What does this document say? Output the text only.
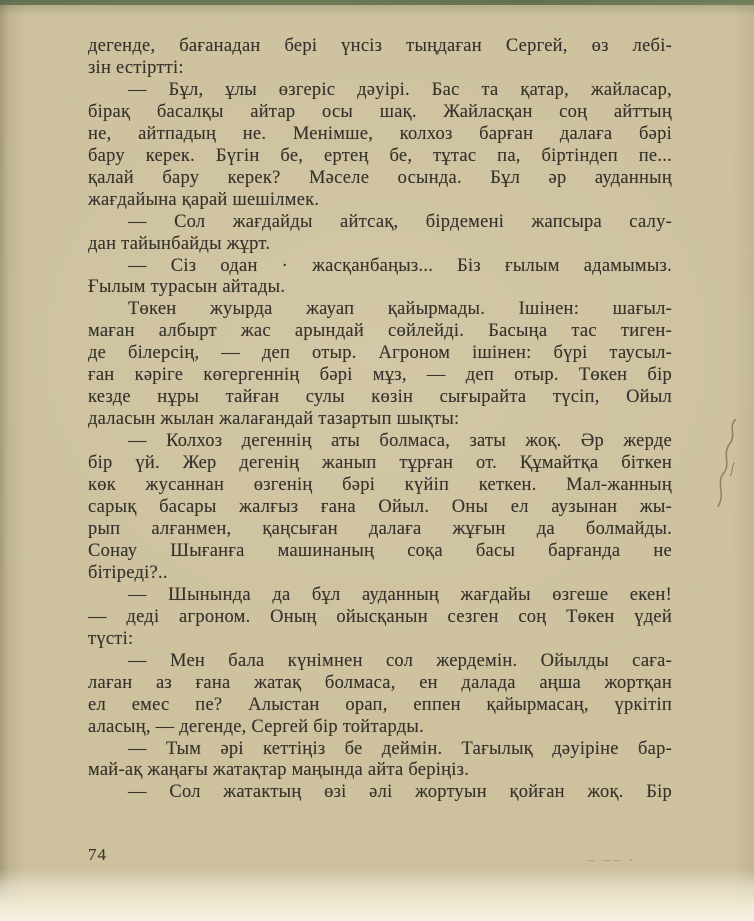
дегенде, бағанадан бері үнсіз тыңдаған Сергей, өз лебі-
зін естіртті:
— Бұл, ұлы өзгеріс дәуірі. Бас та қатар, жайласар,
бірақ басалқы айтар осы шақ. Жайласқан соң айттың
не, айтпадың не. Менімше, колхоз барған далаға бәрі
бару керек. Бүгін бе, ертең бе, тұтас па, біртіндеп пе...
қалай бару керек? Мәселе осында. Бұл әр ауданның
жағдайына қарай шешілмек.
— Сол жағдайды айтсақ, бірдемені жапсыра салу-
дан тайынбайды жұрт.
— Сіз одан · жасқанбаңыз... Біз ғылым адамымыз.
Ғылым турасын айтады.
Төкен жуырда жауап қайырмады. Ішінен: шағыл-
маған албырт жас арындай сөйлейді. Басыңа тас тиген-
де білерсің, — деп отыр. Агроном ішінен: бүрі таусыл-
ған кәріге көгергеннің бәрі мұз, — деп отыр. Төкен бір
кезде нұры тайған сулы көзін сығырайта түсіп, Ойыл
даласын жылан жалағандай тазартып шықты:
— Колхоз дегеннің аты болмаса, заты жоқ. Әр жерде
бір үй. Жер дегенің жанып тұрған от. Құмайтқа біткен
көк жусаннан өзгенің бәрі күйіп кеткен. Мал-жанның
сарық басары жалғыз ғана Ойыл. Оны ел аузынан жы-
рып алғанмен, қаңсыған далаға жұғын да болмайды.
Сонау Шығанға машинаның соқа басы барғанда не
бітіреді?..
— Шынында да бұл ауданның жағдайы өзгеше екен!
— деді агроном. Оның ойысқанын сезген соң Төкен үдей
түсті:
— Мен бала күнімнен сол жердемін. Ойылды саға-
лаған аз ғана жатақ болмаса, ен далада аңша жортқан
ел емес пе? Алыстан орап, еппен қайырмасаң, үркітіп
аласың, — дегенде, Сергей бір тойтарды.
— Тым әрі кеттіңіз бе деймін. Тағылық дәуіріне бар-
май-ақ жаңағы жатақтар маңында айта беріңіз.
— Сол жатактың өзі әлі жортуын қойған жоқ. Бір
74	– –– ·
